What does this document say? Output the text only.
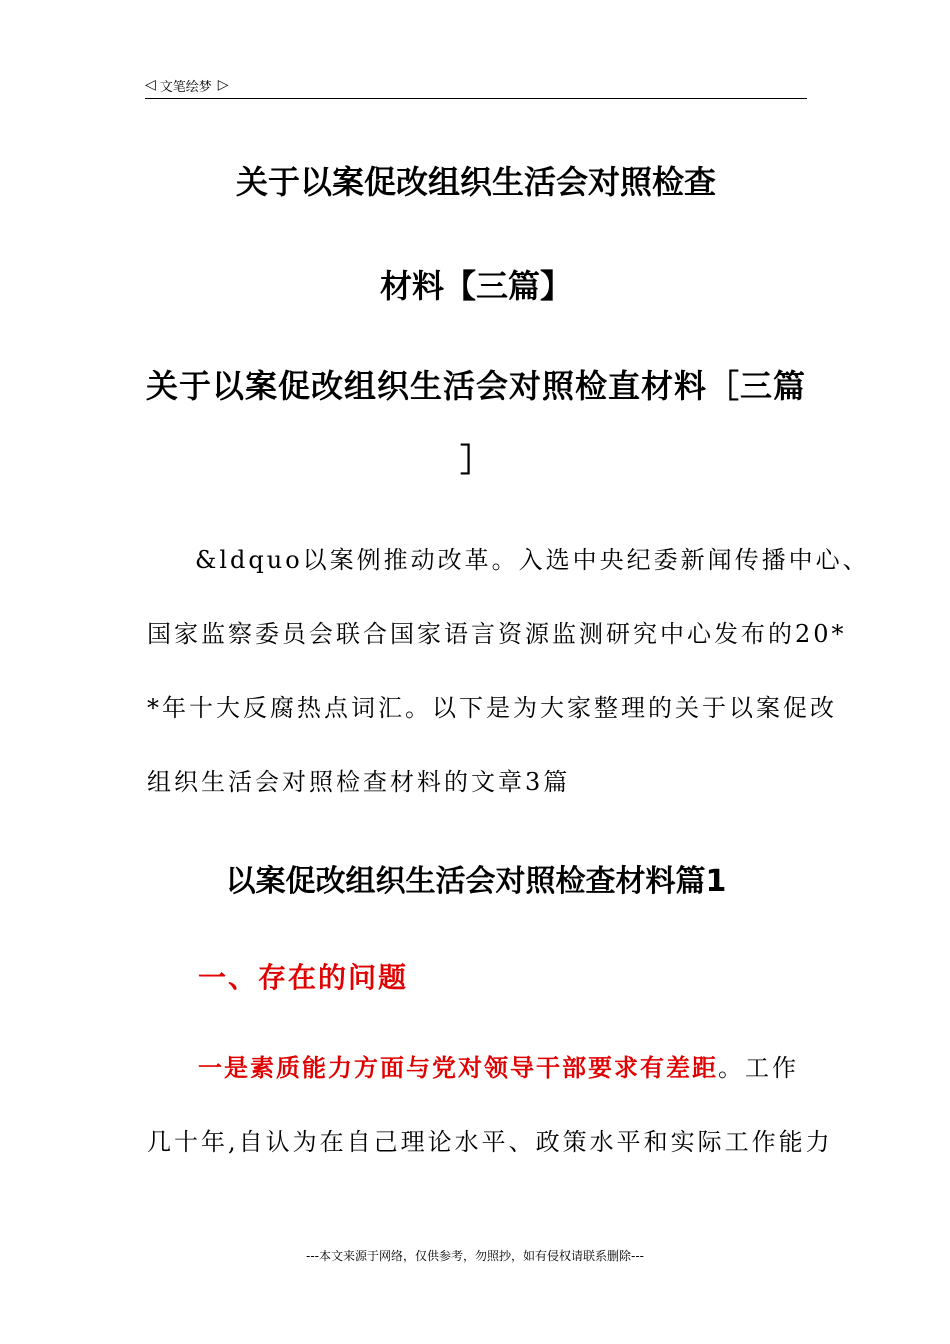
◁ 文笔绘梦 ▷
关于以案促改组织生活会对照检查
材料【三篇】
关于以案促改组织生活会对照检直材料［三篇
］
&ldquo以案例推动改革。入选中央纪委新闻传播中心、
国家监察委员会联合国家语言资源监测研究中心发布的20*
*年十大反腐热点词汇。以下是为大家整理的关于以案促改
组织生活会对照检查材料的文章3篇
以案促改组织生活会对照检查材料篇1
一、存在的问题
一是素质能力方面与党对领导干部要求有差距。工作
几十年,自认为在自己理论水平、政策水平和实际工作能力
---本文来源于网络，仅供参考，勿照抄，如有侵权请联系删除---
